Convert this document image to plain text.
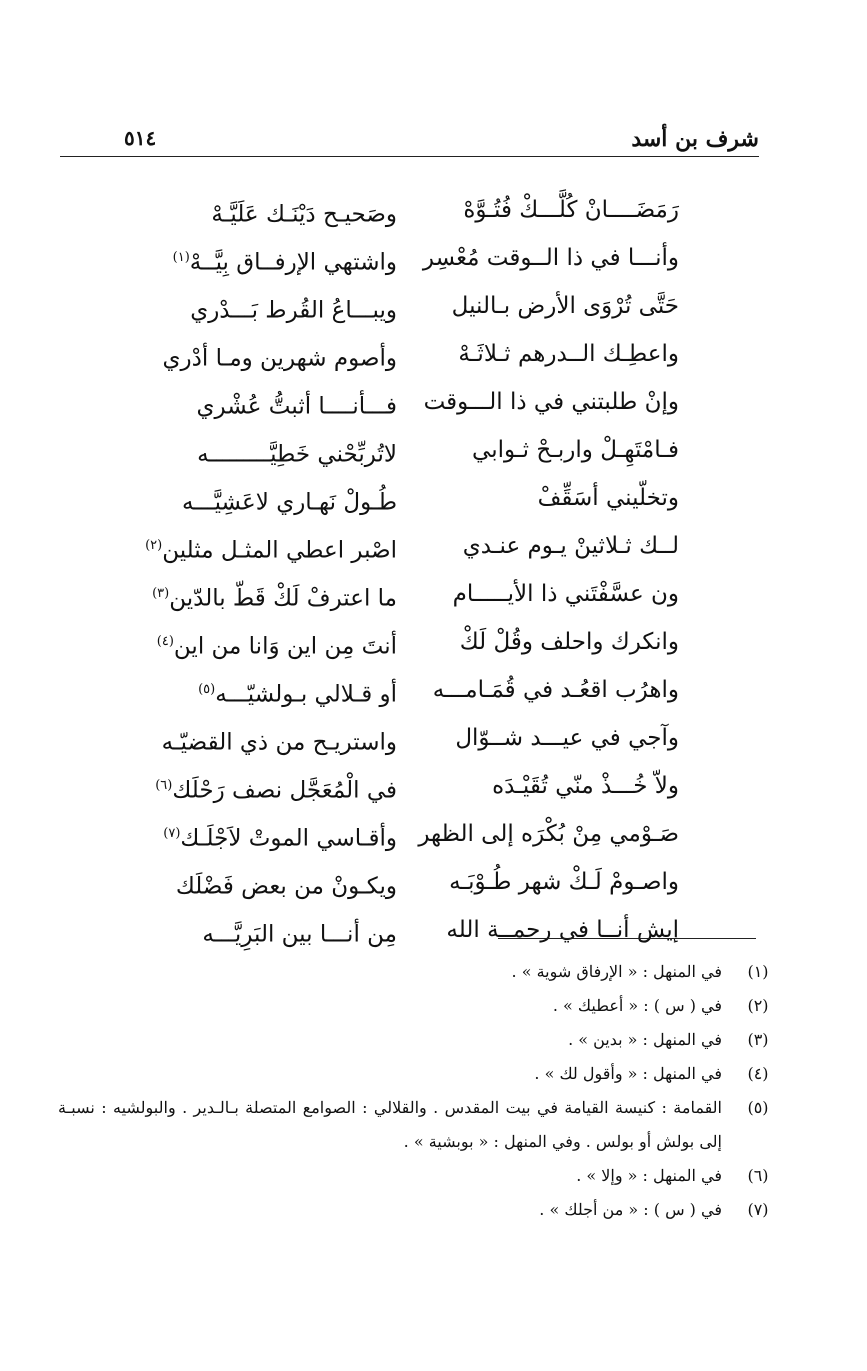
شرف بن أسد
٥١٤
رَمَضَــــانْ كُلَّـــكْ فُتُـوَّهْ
وصَحيـح دَيْنَـك عَلَيَّـهْ
وأنـــا في ذا الــوقت مُعْسِر
واشتهي الإرفــاق بِيَّــهْ$^{(١)}$
حَتَّى تُرْوَى الأرض بـالنيل
ويبـــاعُ القُرط بَـــدْري
واعطِـك الــدرهم ثـلاثَـهْ
وأصوم شهرين ومـا أدْري
وإنْ طلبتني في ذا الـــوقت
فـــأنــــا أثبتُّ عُشْري
فـامْتَهِـلْ واربـحْ ثـوابي
لاتُربِّحْني خَطِيَّـــــــــه
وتخلّيني أسَقِّفْ
طُـولْ نَهـاري لاعَشِيَّـــه
لــك ثـلاثينْ يـوم عنـدي
اصْبر اعطي المثـل مثلين$^{(٢)}$
ون عسَّفْتَني ذا الأيـــــام
ما اعترفْ لَكْ قَطّ بالدّين$^{(٣)}$
وانكرك واحلف وقُلْ لَكْ
أنتَ مِن اين وَانا من اين$^{(٤)}$
واهرُب اقعُـد في قُمَـامـــه
أو قـلالي بـولشيّـــه$^{(٥)}$
وآجي في عيـــد شــوّال
واستريـح من ذي القضيّـه
ولاّ خُـــذْ منّي تُقَيْـدَه
في الْمُعَجَّل نصف رَحْلَك$^{(٦)}$
صَـوْمي مِنْ بُكْرَه إلى الظهر
وأقـاسي الموتْ لاَجْلَـك$^{(٧)}$
واصـومْ لَـكْ شهر طُـوْبَـه
ويكـونْ من بعض فَضْلَك
إيش أنــا في رحمــة الله
مِن أنـــا بين البَرِيَّـــه
(١)
في المنهل : « الإرفاق شوية » .
(٢)
في ( س ) : « أعطيك » .
(٣)
في المنهل : « بدين » .
(٤)
في المنهل : « وأقول لك » .
(٥)
القمامة : كنيسة القيامة في بيت المقدس . والقلالي : الصوامع المتصلة بـالـدير . والبولشيه : نسبـة إلى بولش أو بولس . وفي المنهل : « بوبشية » .
(٦)
في المنهل : « وإلا » .
(٧)
في ( س ) : « من أجلك » .
